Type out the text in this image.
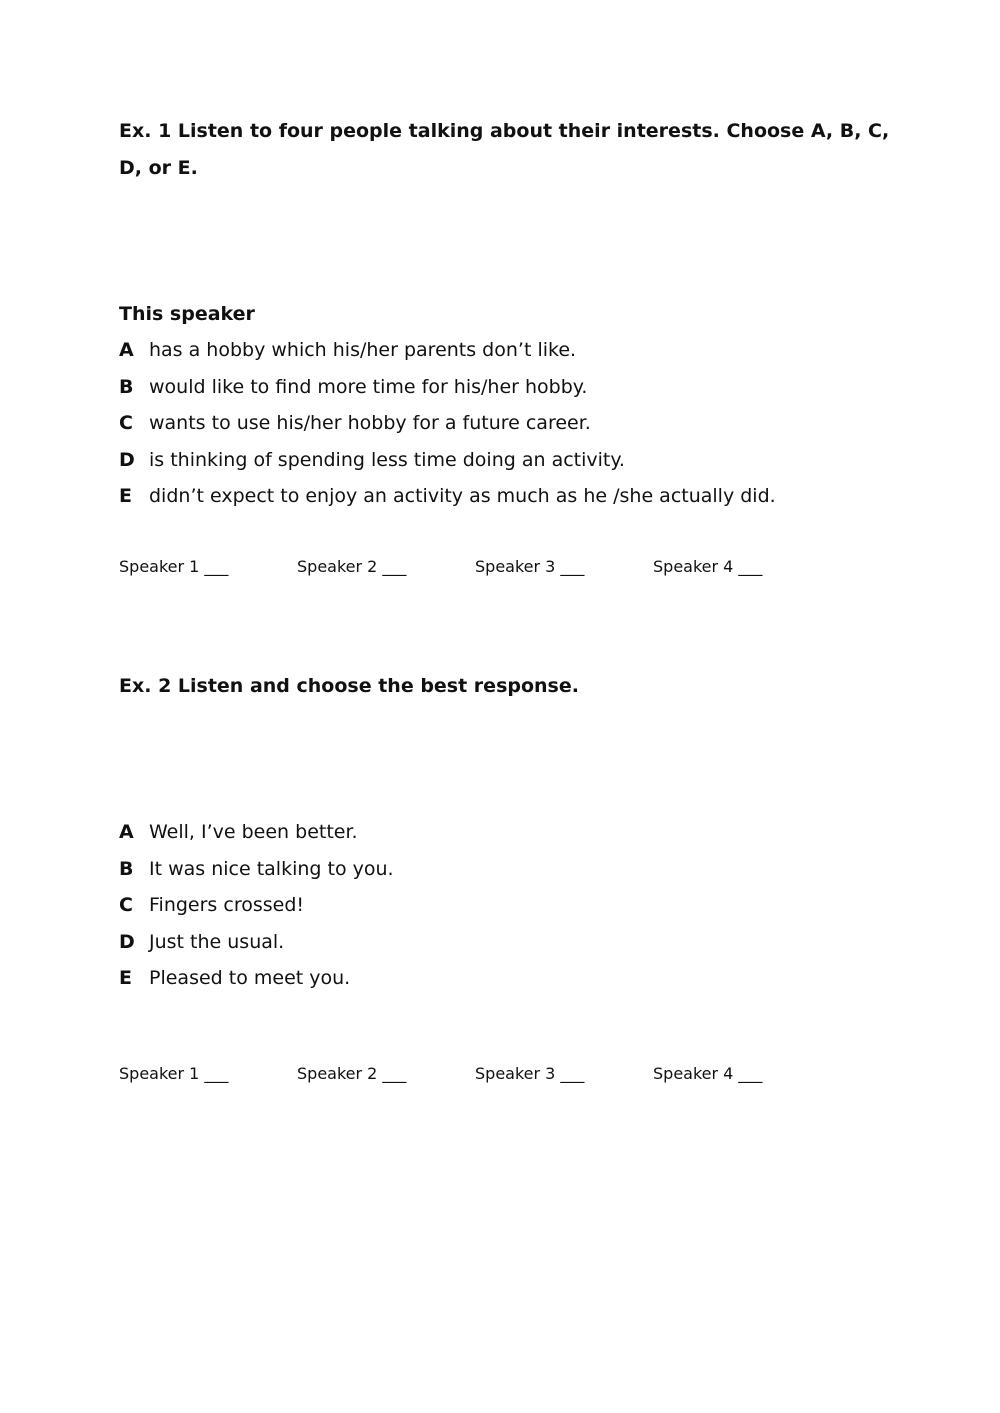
Ex. 1 Listen to four people talking about their interests. Choose A, B, C, D, or E.
This speaker
A has a hobby which his/her parents don’t like.
B would like to find more time for his/her hobby.
C wants to use his/her hobby for a future career.
D is thinking of spending less time doing an activity.
E didn’t expect to enjoy an activity as much as he /she actually did.
Speaker 1 ___	Speaker 2 ___	Speaker 3 ___	Speaker 4 ___
Ex. 2 Listen and choose the best response.
A Well, I’ve been better.
B It was nice talking to you.
C Fingers crossed!
D Just the usual.
E Pleased to meet you.
Speaker 1 ___	Speaker 2 ___	Speaker 3 ___	Speaker 4 ___
